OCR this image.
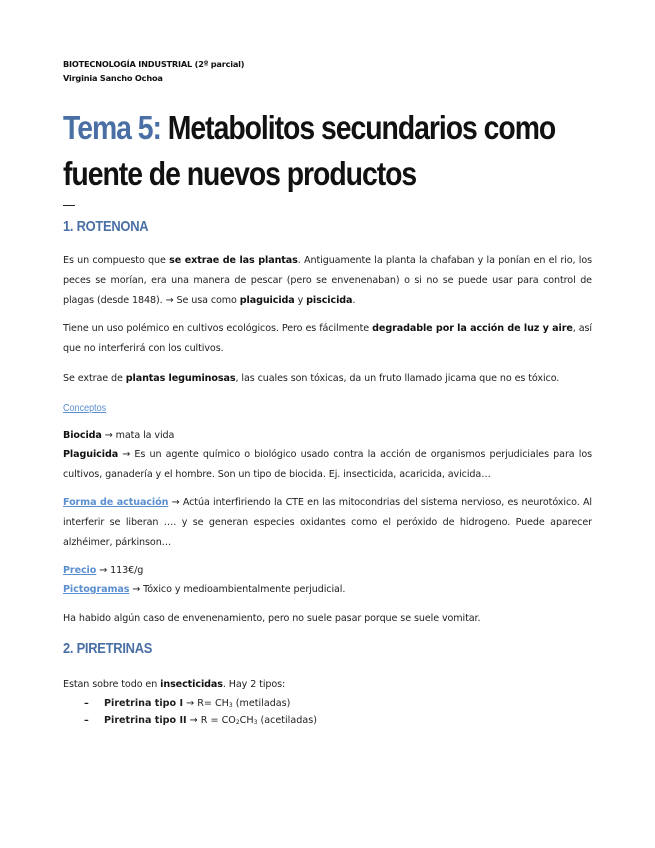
BIOTECNOLOGÍA INDUSTRIAL (2º parcial)
Virginia Sancho Ochoa
Tema 5: Metabolitos secundarios como
fuente de nuevos productos
1. ROTENONA
Es un compuesto que se extrae de las plantas. Antiguamente la planta la chafaban y la ponían en el rio, los peces se morían, era una manera de pescar (pero se envenenaban) o si no se puede usar para control de plagas (desde 1848). → Se usa como plaguicida y piscicida.
Tiene un uso polémico en cultivos ecológicos. Pero es fácilmente degradable por la acción de luz y aire, así que no interferirá con los cultivos.
Se extrae de plantas leguminosas, las cuales son tóxicas, da un fruto llamado jicama que no es tóxico.
Conceptos
Biocida → mata la vida
Plaguicida → Es un agente químico o biológico usado contra la acción de organismos perjudiciales para los cultivos, ganadería y el hombre. Son un tipo de biocida. Ej. insecticida, acaricida, avicida…
Forma de actuación → Actúa interfiriendo la CTE en las mitocondrias del sistema nervioso, es neurotóxico. Al interferir se liberan …. y se generan especies oxidantes como el peróxido de hidrogeno. Puede aparecer alzhéimer, párkinson…
Precio → 113€/g
Pictogramas → Tóxico y medioambientalmente perjudicial.
Ha habido algún caso de envenenamiento, pero no suele pasar porque se suele vomitar.
2. PIRETRINAS
Estan sobre todo en insecticidas. Hay 2 tipos:
– Piretrina tipo $I \to R= CH_3$ (metiladas)
– Piretrina tipo II → $R = CO_2CH_3$ (acetiladas)
